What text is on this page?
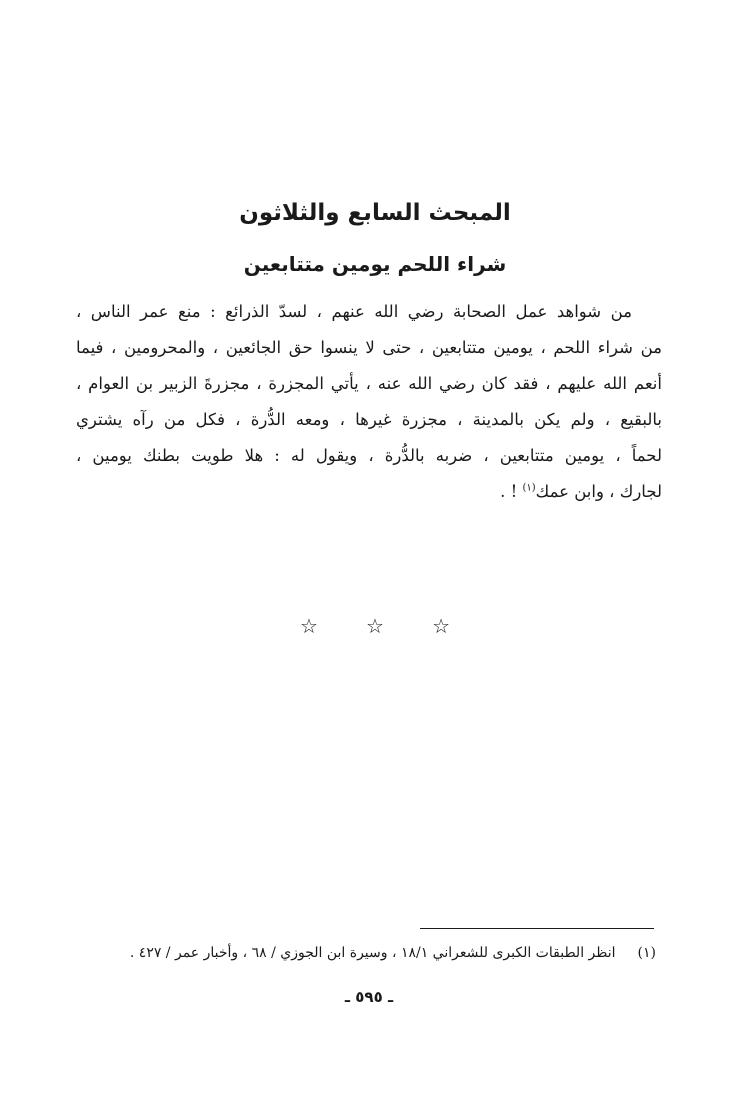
المبحث السابع والثلاثون
شراء اللحم يومين متتابعين
من شواهد عمل الصحابة رضي الله عنهم ، لسدّ الذرائع : منع عمر الناس ،
من شراء اللحم ، يومين متتابعين ، حتى لا ينسوا حق الجائعين ، والمحرومين ، فيما
أنعم الله عليهم ، فقد كان رضي الله عنه ، يأتي المجزرة ، مجزرةَ الزبير بن العوام ،
بالبقيع ، ولم يكن بالمدينة ، مجزرة غيرها ، ومعه الدُّرة ، فكل من رآه يشتري
لحماً ، يومين متتابعين ، ضربه بالدُّرة ، ويقول له : هلا طويت بطنك يومين ،
لجارك ، وابن عمك$^{(١)}$ ! .
☆
☆
☆
(١)انظر الطبقات الكبرى للشعراني ١٨/١ ، وسيرة ابن الجوزي / ٦٨ ، وأخبار عمر / ٤٢٧ .
ـ ٥٩٥ ـ
